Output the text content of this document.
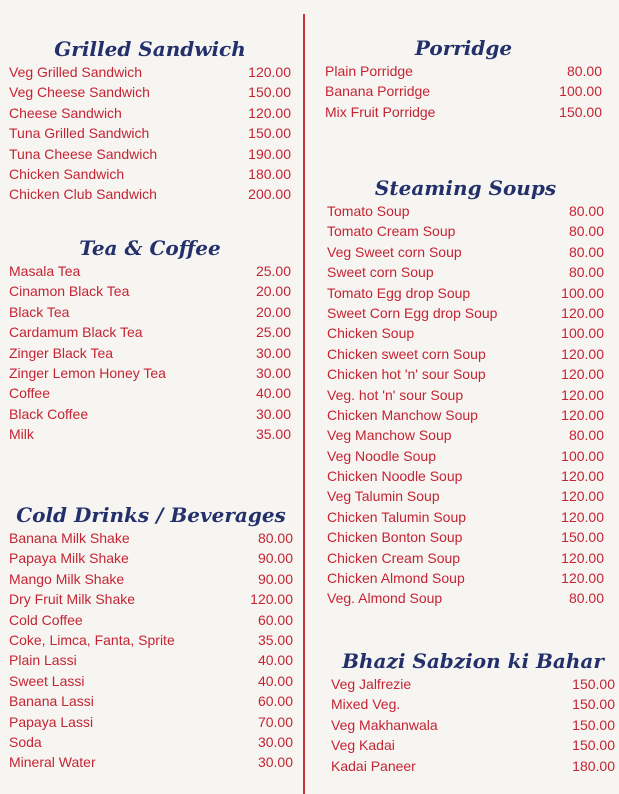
Grilled Sandwich
Veg Grilled Sandwich	120.00
Veg Cheese Sandwich	150.00
Cheese Sandwich	120.00
Tuna Grilled Sandwich	150.00
Tuna Cheese Sandwich	190.00
Chicken Sandwich	180.00
Chicken Club Sandwich	200.00
Tea & Coffee
Masala Tea	25.00
Cinamon Black Tea	20.00
Black Tea	20.00
Cardamum Black Tea	25.00
Zinger Black Tea	30.00
Zinger Lemon Honey Tea	30.00
Coffee	40.00
Black Coffee	30.00
Milk	35.00
Cold Drinks / Beverages
Banana Milk Shake	80.00
Papaya Milk Shake	90.00
Mango Milk Shake	90.00
Dry Fruit Milk Shake	120.00
Cold Coffee	60.00
Coke, Limca, Fanta, Sprite	35.00
Plain Lassi	40.00
Sweet Lassi	40.00
Banana Lassi	60.00
Papaya Lassi	70.00
Soda	30.00
Mineral Water	30.00
Porridge
Plain Porridge	80.00
Banana Porridge	100.00
Mix Fruit Porridge	150.00
Steaming Soups
Tomato Soup	80.00
Tomato Cream Soup	80.00
Veg Sweet corn Soup	80.00
Sweet corn Soup	80.00
Tomato Egg drop Soup	100.00
Sweet Corn Egg drop Soup	120.00
Chicken Soup	100.00
Chicken sweet corn Soup	120.00
Chicken hot 'n' sour Soup	120.00
Veg. hot 'n' sour Soup	120.00
Chicken Manchow Soup	120.00
Veg Manchow Soup	80.00
Veg Noodle Soup	100.00
Chicken Noodle Soup	120.00
Veg Talumin Soup	120.00
Chicken Talumin Soup	120.00
Chicken Bonton Soup	150.00
Chicken Cream Soup	120.00
Chicken Almond Soup	120.00
Veg. Almond Soup	80.00
Bhazi Sabzion ki Bahar
Veg Jalfrezie	150.00
Mixed Veg.	150.00
Veg Makhanwala	150.00
Veg Kadai	150.00
Kadai Paneer	180.00
